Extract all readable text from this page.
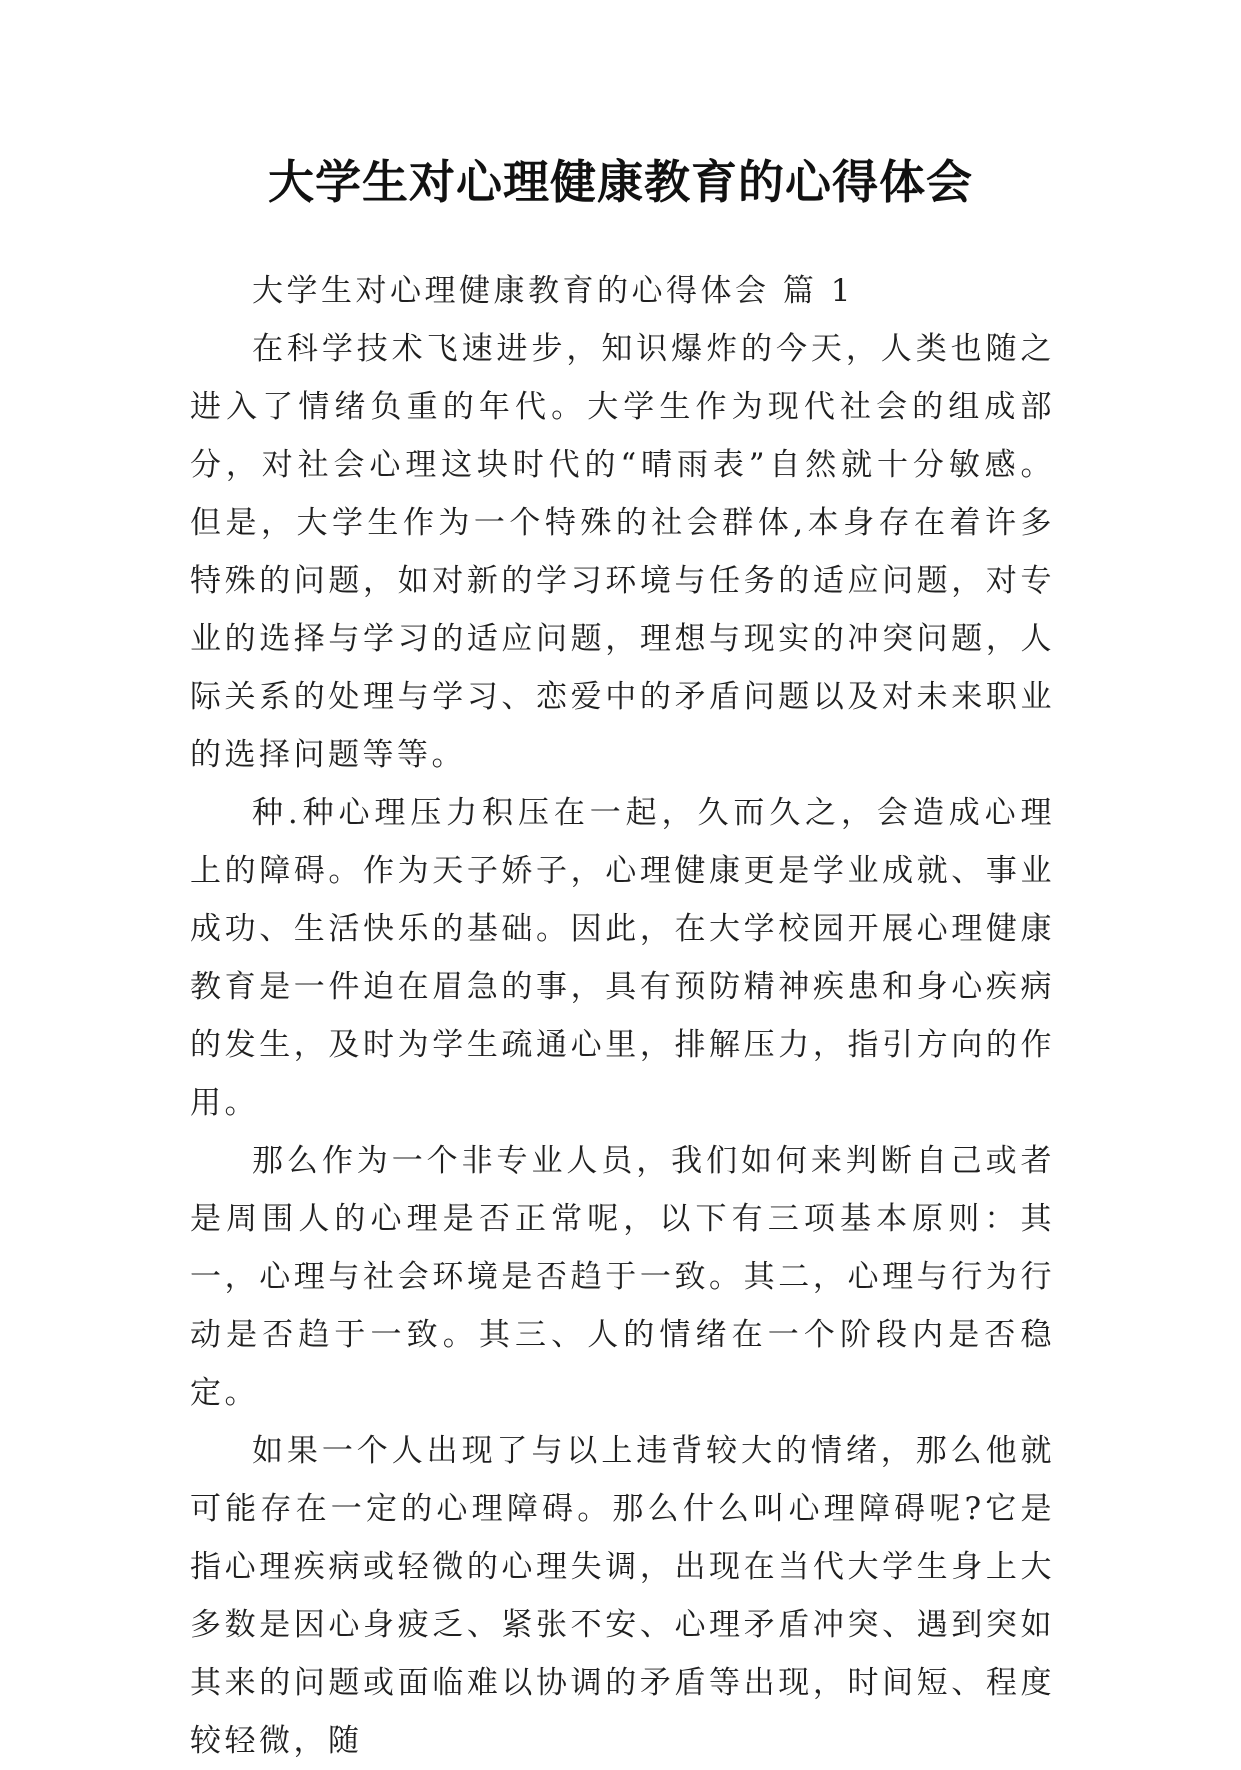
大学生对心理健康教育的心得体会

大学生对心理健康教育的心得体会 篇 1

在科学技术飞速进步，知识爆炸的今天，人类也随之进入了情绪负重的年代。大学生作为现代社会的组成部分，对社会心理这块时代的“晴雨表”自然就十分敏感。但是，大学生作为一个特殊的社会群体,本身存在着许多特殊的问题，如对新的学习环境与任务的适应问题，对专业的选择与学习的适应问题，理想与现实的冲突问题，人际关系的处理与学习、恋爱中的矛盾问题以及对未来职业的选择问题等等。

种.种心理压力积压在一起，久而久之，会造成心理上的障碍。作为天子娇子，心理健康更是学业成就、事业成功、生活快乐的基础。因此，在大学校园开展心理健康教育是一件迫在眉急的事，具有预防精神疾患和身心疾病的发生，及时为学生疏通心里，排解压力，指引方向的作用。

那么作为一个非专业人员，我们如何来判断自己或者是周围人的心理是否正常呢，以下有三项基本原则：其一，心理与社会环境是否趋于一致。其二，心理与行为行动是否趋于一致。其三、人的情绪在一个阶段内是否稳定。

如果一个人出现了与以上违背较大的情绪，那么他就可能存在一定的心理障碍。那么什么叫心理障碍呢?它是指心理疾病或轻微的心理失调，出现在当代大学生身上大多数是因心身疲乏、紧张不安、心理矛盾冲突、遇到突如其来的问题或面临难以协调的矛盾等出现，时间短、程度较轻微，随
